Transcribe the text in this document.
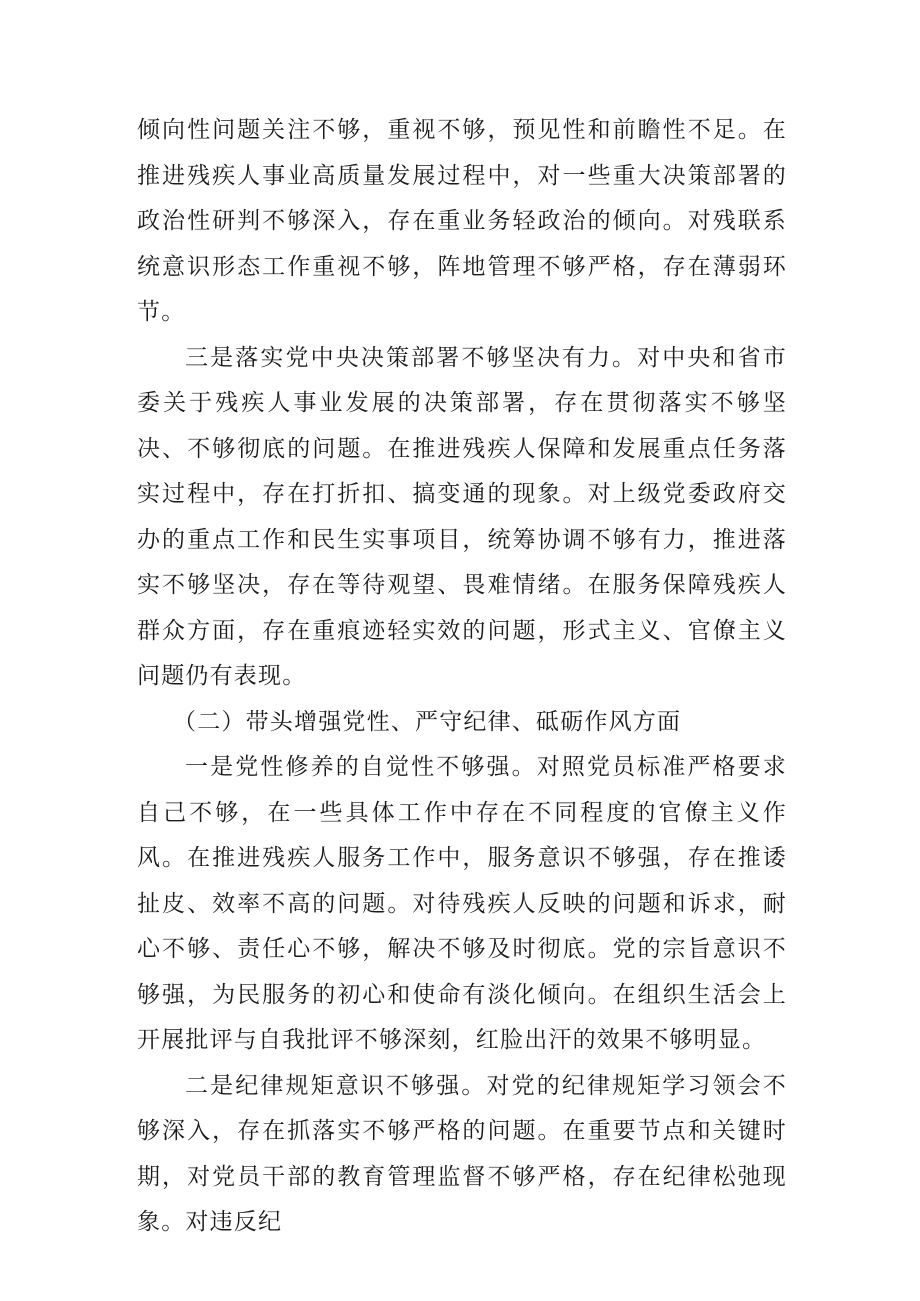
倾向性问题关注不够，重视不够，预见性和前瞻性不足。在推进残疾人事业高质量发展过程中，对一些重大决策部署的政治性研判不够深入，存在重业务轻政治的倾向。对残联系统意识形态工作重视不够，阵地管理不够严格，存在薄弱环节。

三是落实党中央决策部署不够坚决有力。对中央和省市委关于残疾人事业发展的决策部署，存在贯彻落实不够坚决、不够彻底的问题。在推进残疾人保障和发展重点任务落实过程中，存在打折扣、搞变通的现象。对上级党委政府交办的重点工作和民生实事项目，统筹协调不够有力，推进落实不够坚决，存在等待观望、畏难情绪。在服务保障残疾人群众方面，存在重痕迹轻实效的问题，形式主义、官僚主义问题仍有表现。

（二）带头增强党性、严守纪律、砥砺作风方面

一是党性修养的自觉性不够强。对照党员标准严格要求自己不够，在一些具体工作中存在不同程度的官僚主义作风。在推进残疾人服务工作中，服务意识不够强，存在推诿扯皮、效率不高的问题。对待残疾人反映的问题和诉求，耐心不够、责任心不够，解决不够及时彻底。党的宗旨意识不够强，为民服务的初心和使命有淡化倾向。在组织生活会上开展批评与自我批评不够深刻，红脸出汗的效果不够明显。

二是纪律规矩意识不够强。对党的纪律规矩学习领会不够深入，存在抓落实不够严格的问题。在重要节点和关键时期，对党员干部的教育管理监督不够严格，存在纪律松弛现象。对违反纪
